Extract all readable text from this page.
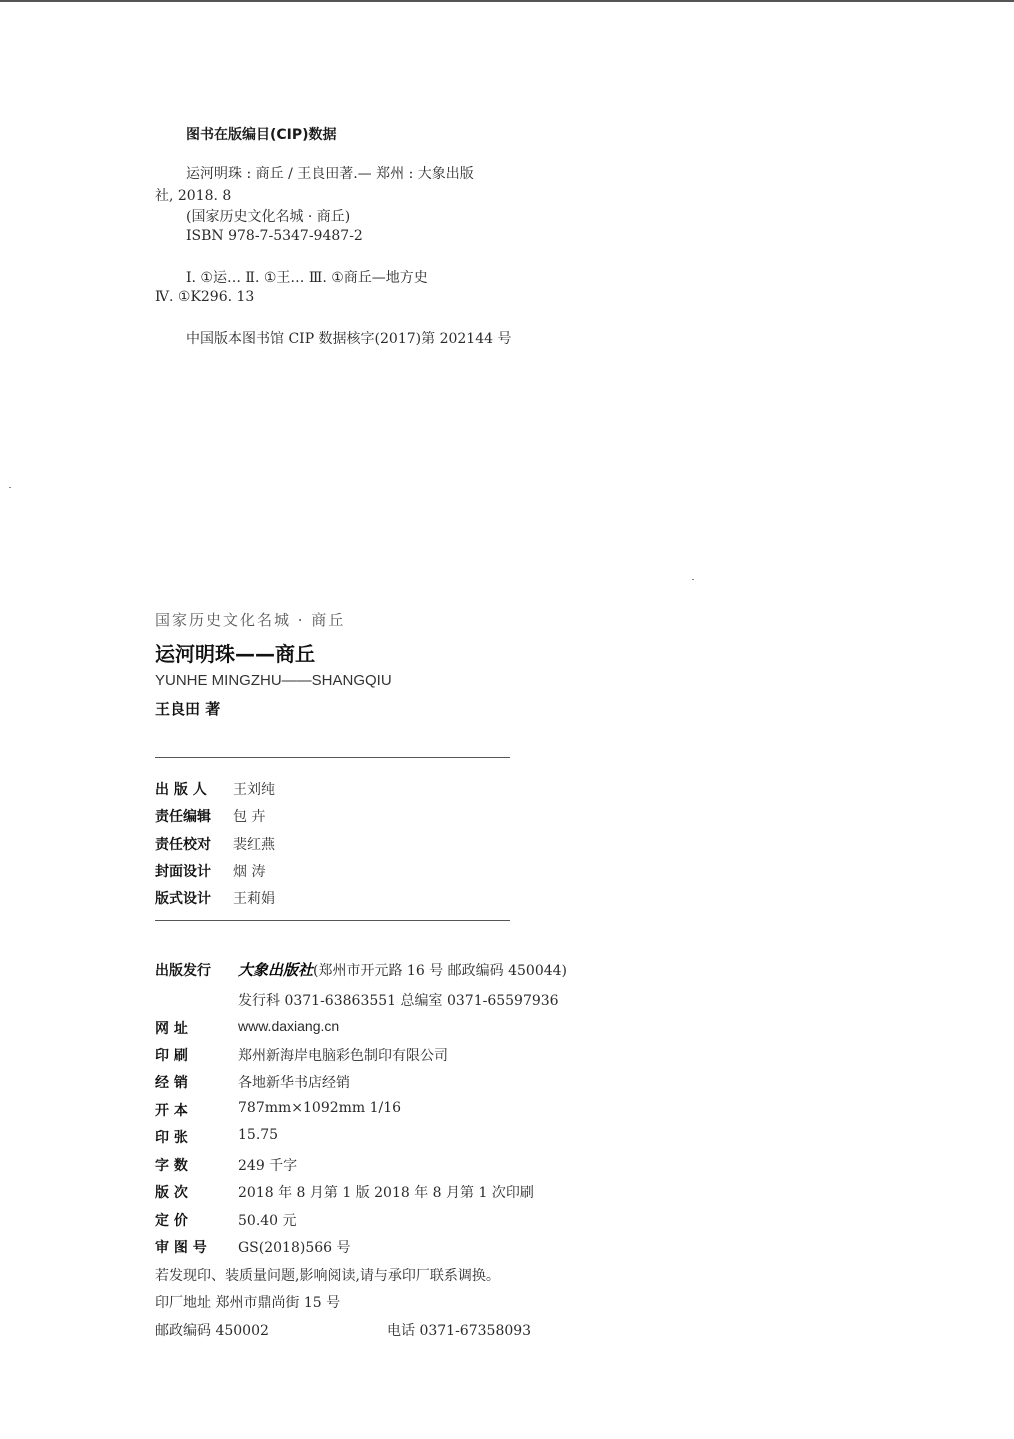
图书在版编目(CIP)数据
运河明珠 : 商丘 / 王良田著.— 郑州 : 大象出版
社, 2018. 8
(国家历史文化名城 · 商丘)
ISBN 978-7-5347-9487-2
Ⅰ. ①运… Ⅱ. ①王… Ⅲ. ①商丘—地方史
Ⅳ. ①K296. 13
中国版本图书馆 CIP 数据核字(2017)第 202144 号
国家历史文化名城 · 商丘
运河明珠——商丘
YUNHE MINGZHU——SHANGQIU
王良田 著
出 版 人 王刘纯
责任编辑 包 卉
责任校对 裴红燕
封面设计 烟 涛
版式设计 王莉娟
出版发行 大象出版社(郑州市开元路 16 号 邮政编码 450044)
发行科 0371-63863551 总编室 0371-65597936
网 址	www.daxiang.cn
印 刷	郑州新海岸电脑彩色制印有限公司
经 销	各地新华书店经销
开 本	787mm×1092mm 1/16
印 张	15.75
字 数	249 千字
版 次	2018 年 8 月第 1 版 2018 年 8 月第 1 次印刷
定 价	50.40 元
审 图 号 GS(2018)566 号
若发现印、装质量问题,影响阅读,请与承印厂联系调换。
印厂地址 郑州市鼎尚街 15 号
邮政编码 450002	电话 0371-67358093
